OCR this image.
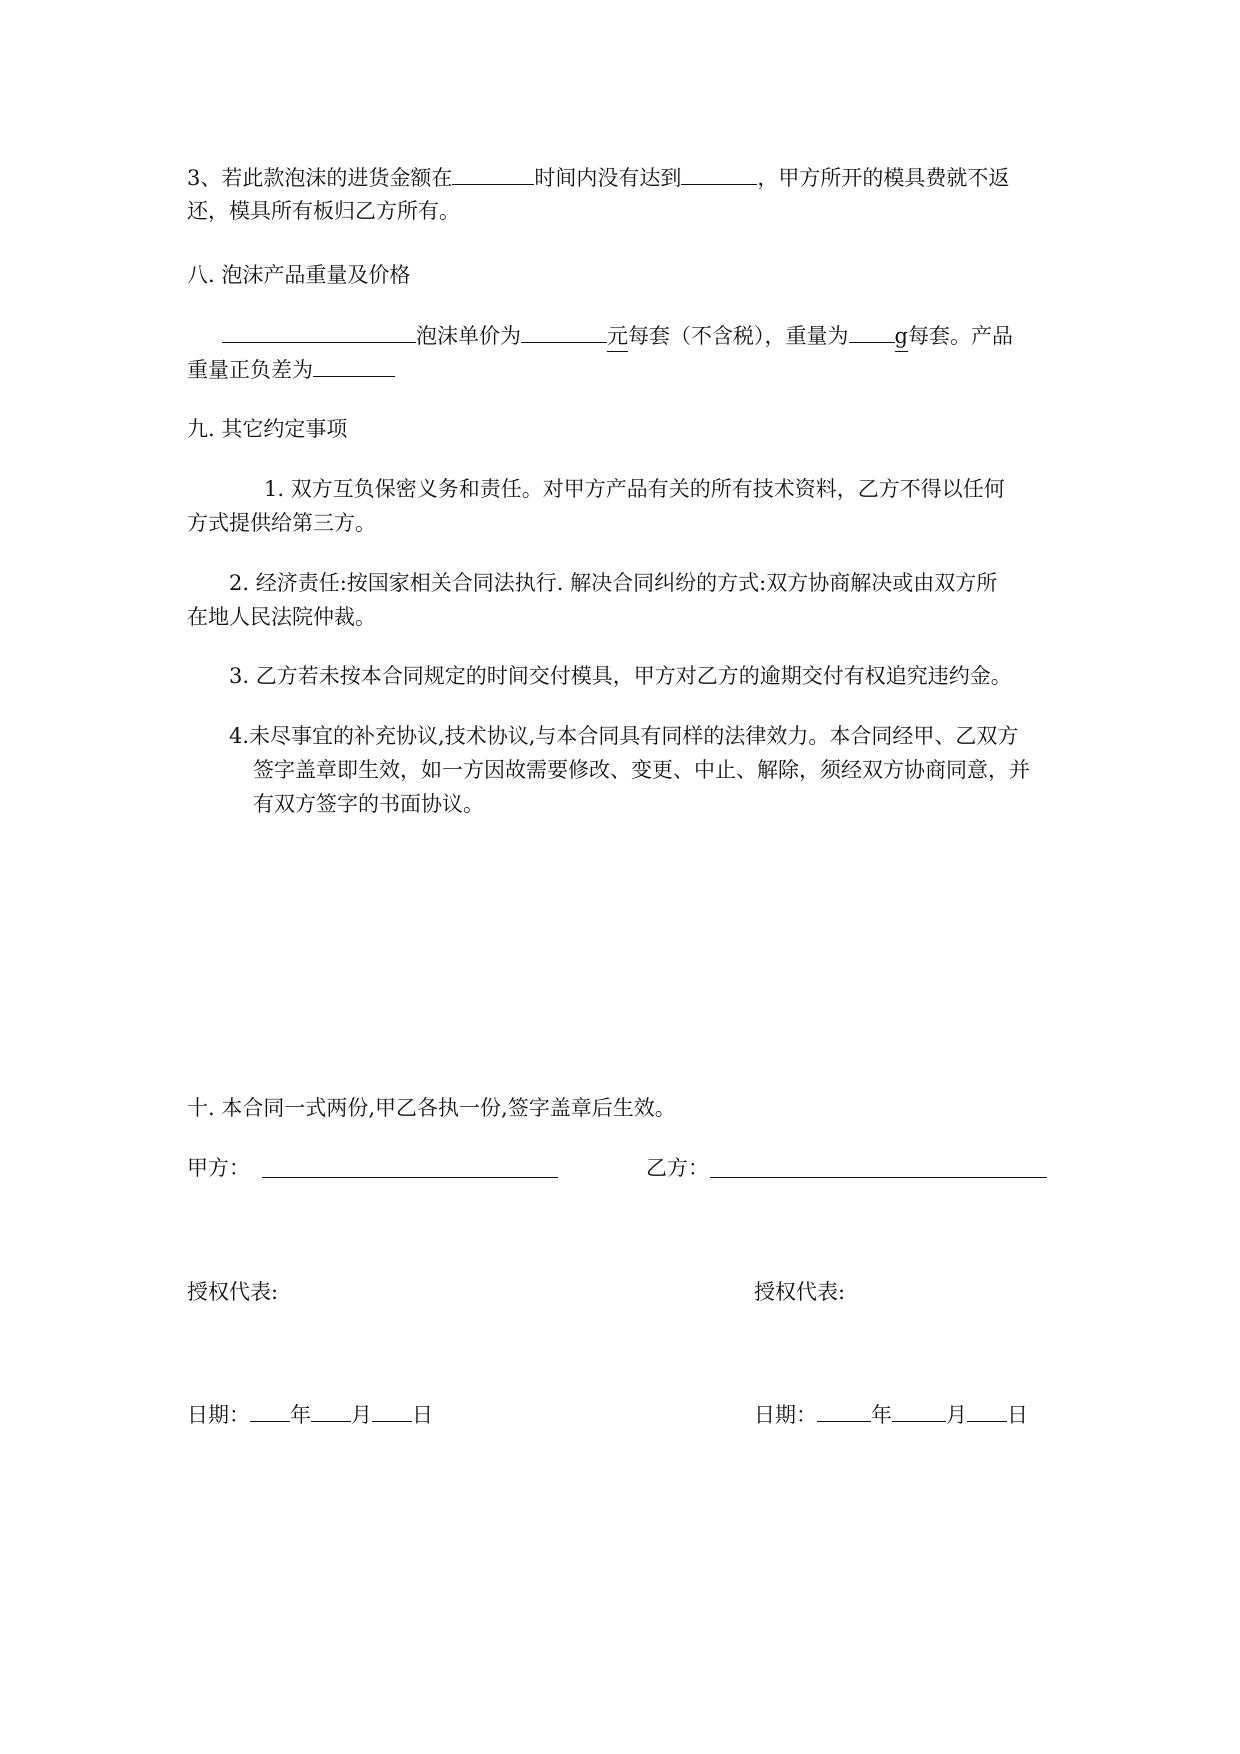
3、若此款泡沫的进货金额在	时间内没有达到	，甲方所开的模具费就不返
还，模具所有板归乙方所有。
八. 泡沫产品重量及价格
泡沫单价为	元每套（不含税），重量为 g每套。产品
重量正负差为
九. 其它约定事项
1. 双方互负保密义务和责任。对甲方产品有关的所有技术资料，乙方不得以任何
方式提供给第三方。
2. 经济责任:按国家相关合同法执行. 解决合同纠纷的方式:双方协商解决或由双方所
在地人民法院仲裁。
3. 乙方若未按本合同规定的时间交付模具，甲方对乙方的逾期交付有权追究违约金。
4.未尽事宜的补充协议,技术协议,与本合同具有同样的法律效力。本合同经甲、乙双方
签字盖章即生效，如一方因故需要修改、变更、中止、解除，须经双方协商同意，并
有双方签字的书面协议。
十. 本合同一式两份,甲乙各执一份,签字盖章后生效。
甲方：	乙方：
授权代表:	授权代表:
日期： 年 月 日	日期：	年	月 日
